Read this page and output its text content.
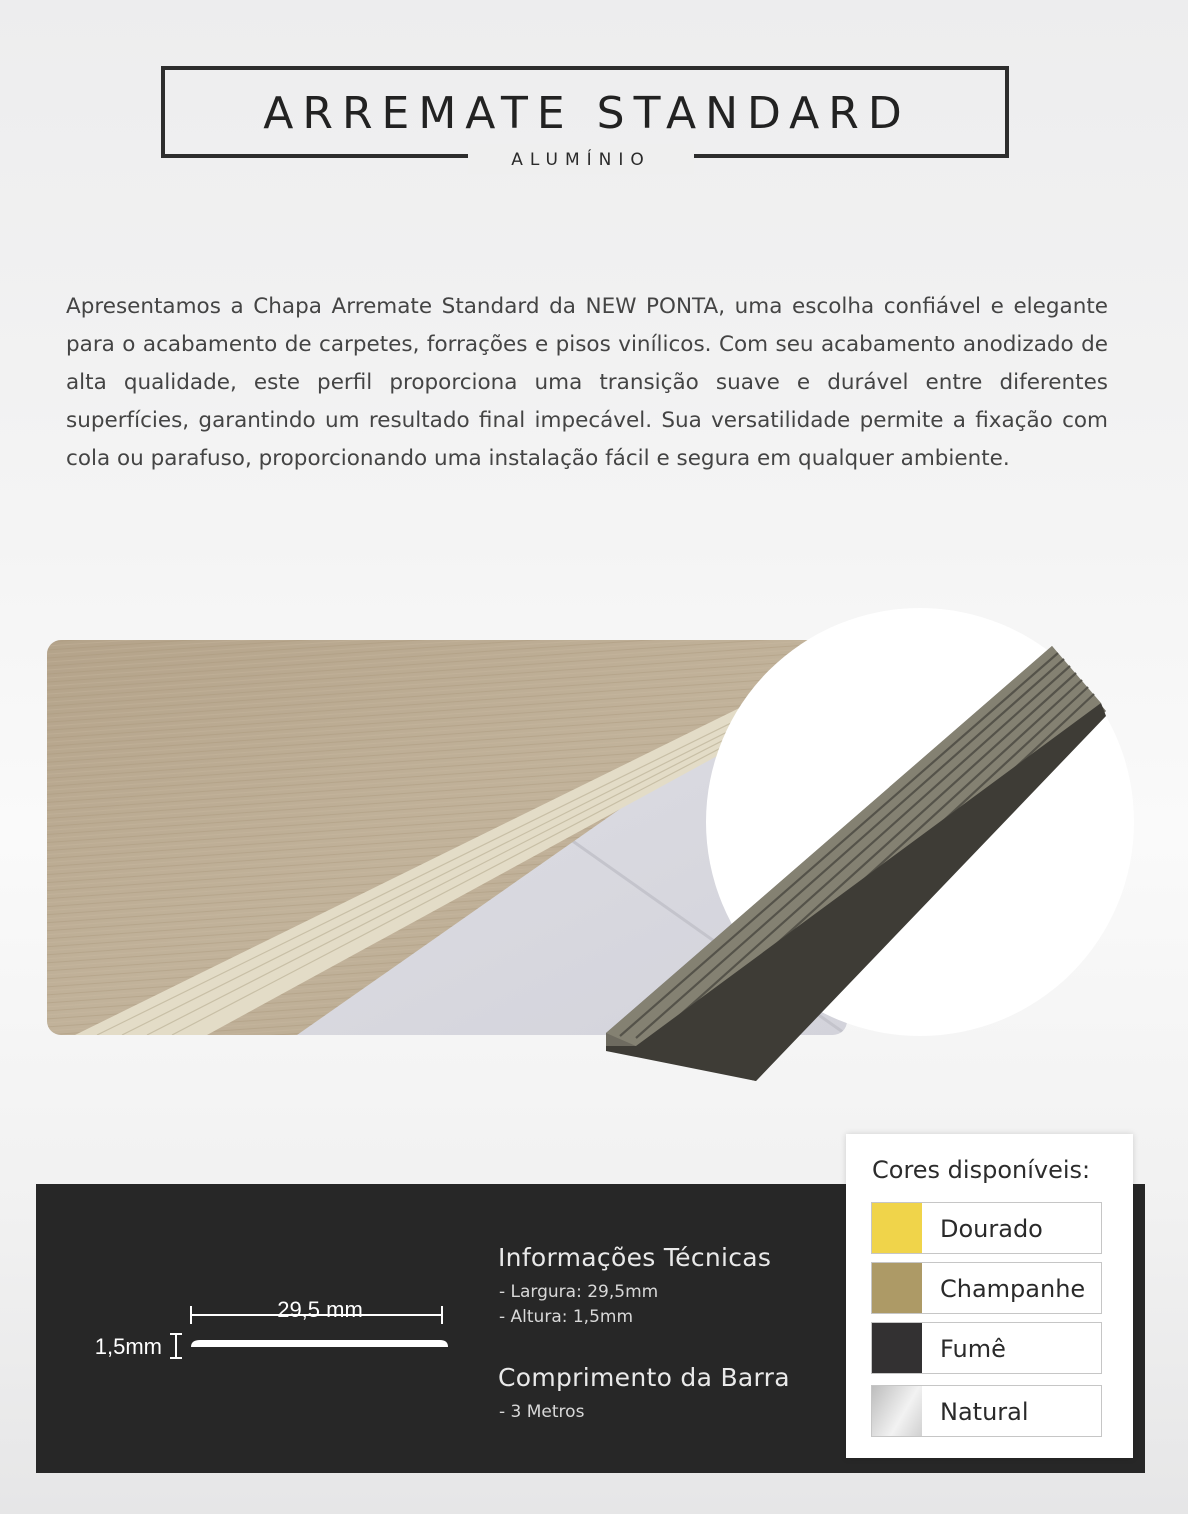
ARREMATE STANDARD
ALUMÍNIO

Apresentamos a Chapa Arremate Standard da NEW PONTA, uma escolha confiável e elegante para o acabamento de carpetes, forrações e pisos vinílicos. Com seu acabamento anodizado de alta qualidade, este perfil proporciona uma transição suave e durável entre diferentes superfícies, garantindo um resultado final impecável. Sua versatilidade permite a fixação com cola ou parafuso, proporcionando uma instalação fácil e segura em qualquer ambiente.

29,5 mm
1,5mm
Informações Técnicas
- Largura: 29,5mm
- Altura: 1,5mm
Comprimento da Barra
- 3 Metros
Cores disponíveis:
Dourado
Champanhe
Fumê
Natural
